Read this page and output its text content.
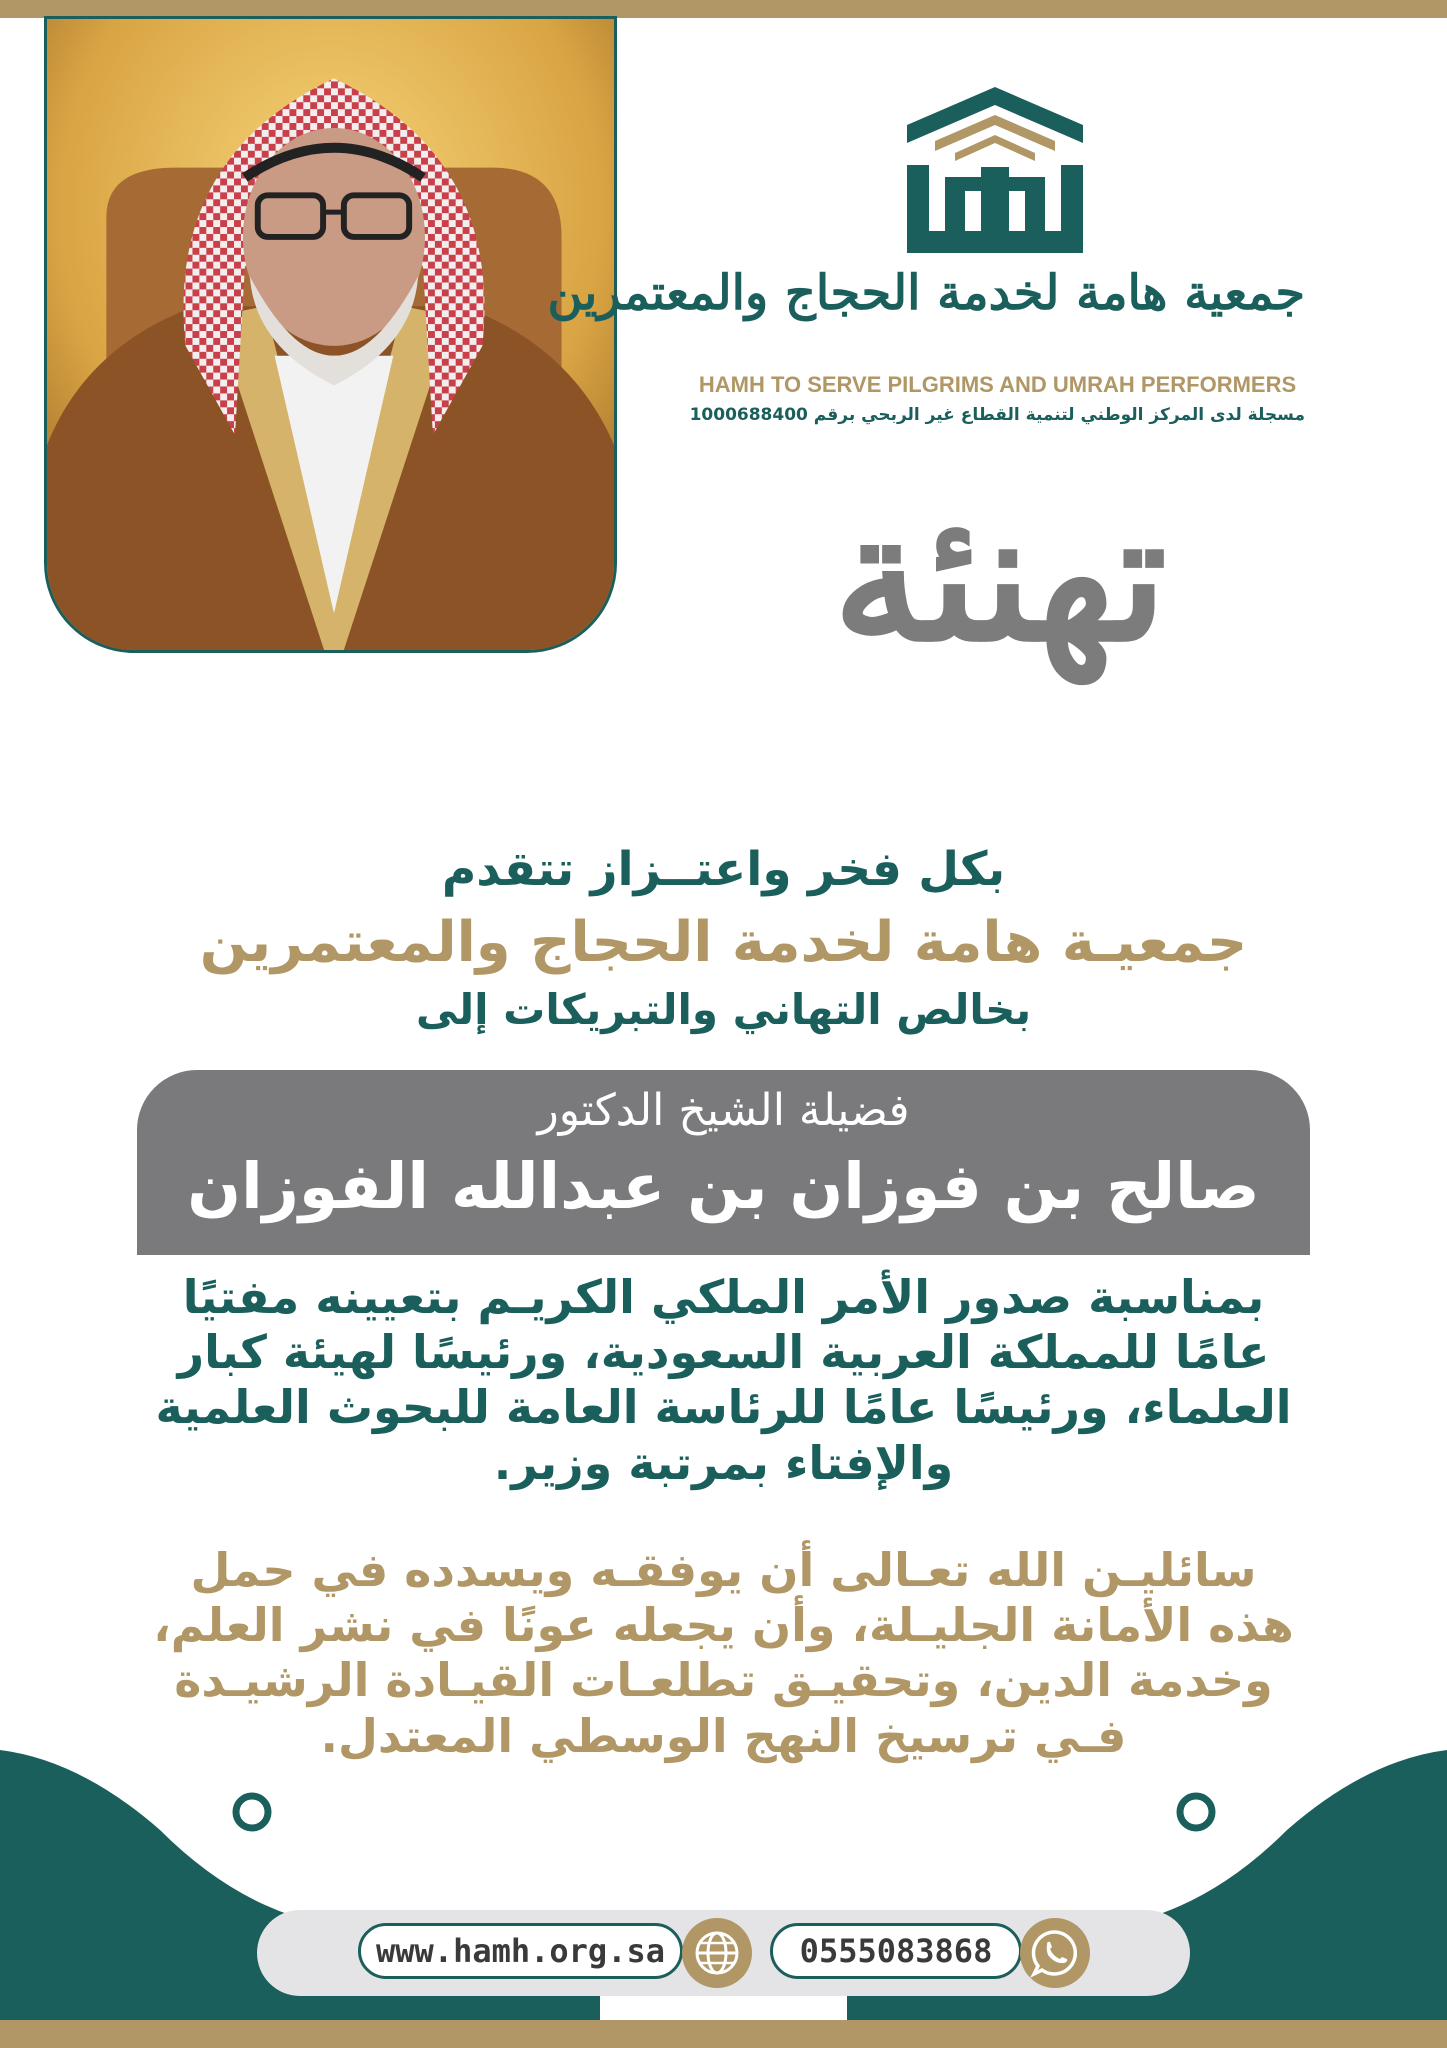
جمعية هامة لخدمة الحجاج والمعتمرين
HAMH TO SERVE PILGRIMS AND UMRAH PERFORMERS
مسجلة لدى المركز الوطني لتنمية القطاع غير الربحي برقم 1000688400
تهنئة
بكل فخر واعتــزاز تتقدم
جمعيـة هامة لخدمة الحجاج والمعتمرين
بخالص التهاني والتبريكات إلى
فضيلة الشيخ الدكتور
صالح بن فوزان بن عبدالله الفوزان
بمناسبة صدور الأمر الملكي الكريـم بتعيينه مفتيًا عامًا للمملكة العربية السعودية، ورئيسًا لهيئة كبار العلماء، ورئيسًا عامًا للرئاسة العامة للبحوث العلمية والإفتاء بمرتبة وزير.
سائليـن الله تعـالى أن يوفقـه ويسدده في حمل هذه الأمانة الجليـلة، وأن يجعله عونًا في نشر العلم، وخدمة الدين، وتحقيـق تطلعـات القيـادة الرشيـدة فـي ترسيخ النهج الوسطي المعتدل.
www.hamh.org.sa	0555083868
